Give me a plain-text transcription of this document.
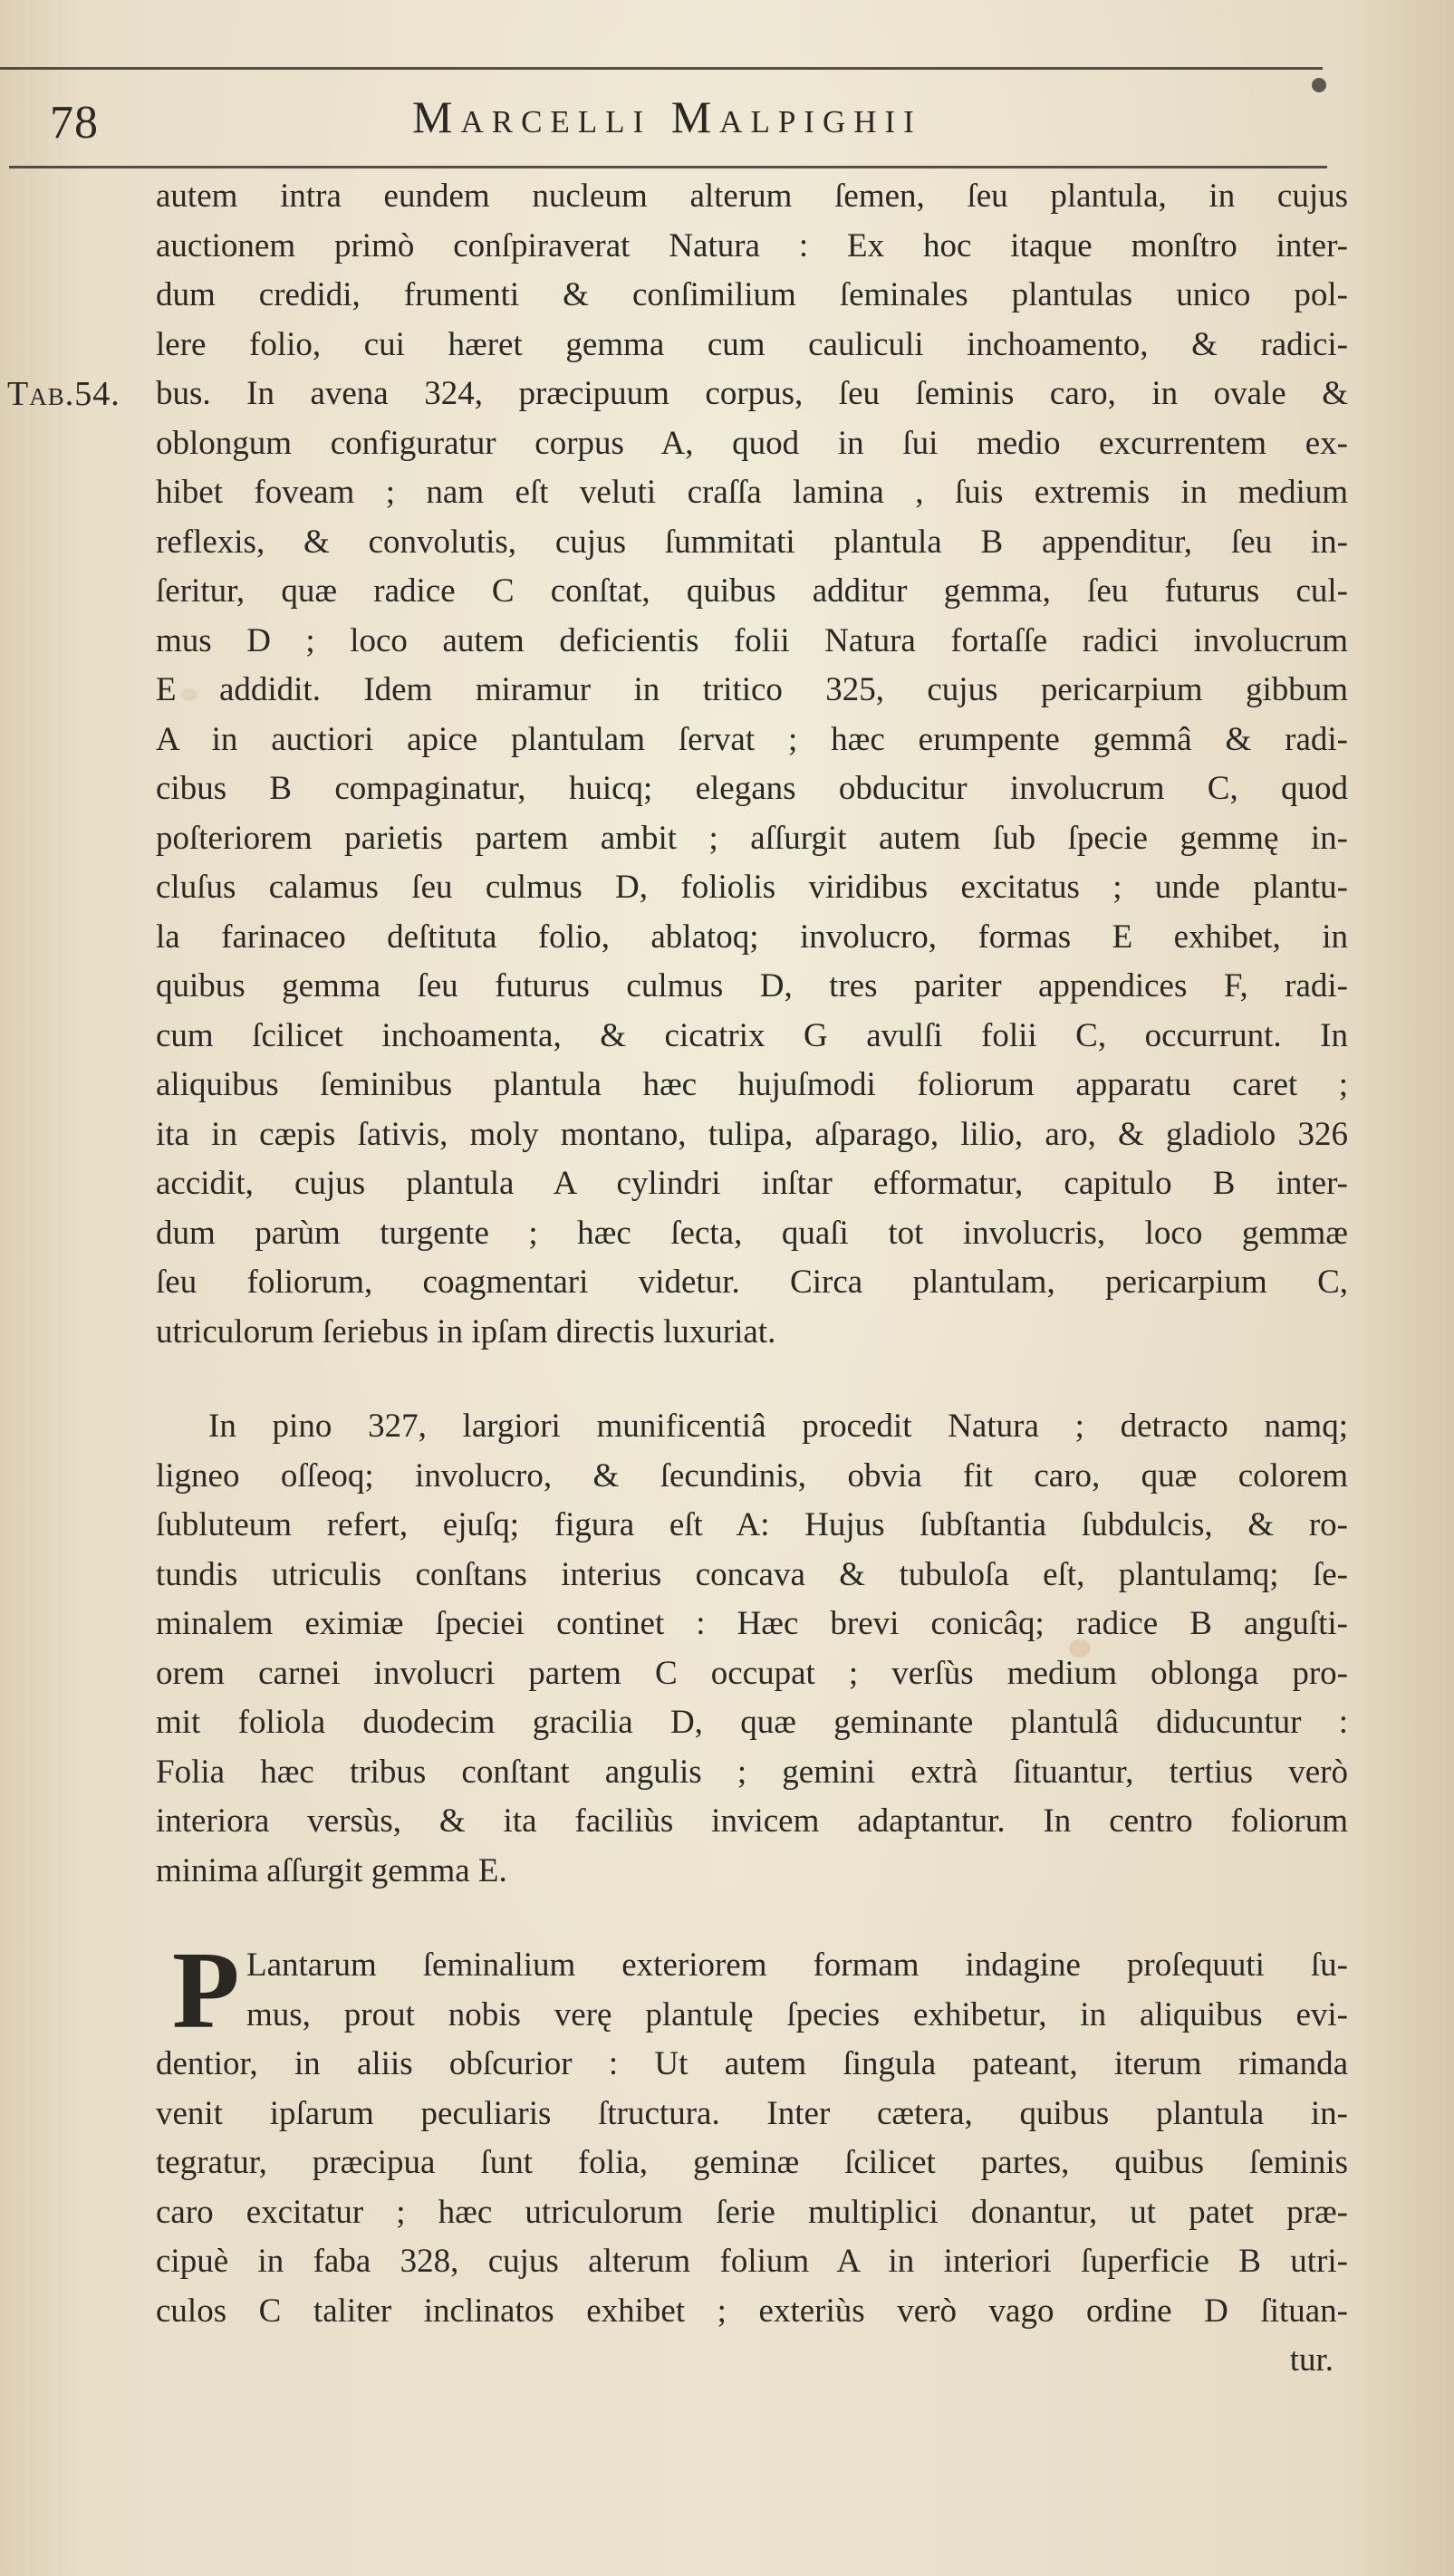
78	Marcelli Malpighii
Tab.54.
autem intra eundem nucleum alterum ſemen, ſeu plantula, in cujus
auctionem primò conſpiraverat Natura : Ex hoc itaque monſtro inter-
dum credidi, frumenti & conſimilium ſeminales plantulas unico pol-
lere folio, cui hæret gemma cum cauliculi inchoamento, & radici-
bus. In avena 324, præcipuum corpus, ſeu ſeminis caro, in ovale &
oblongum configuratur corpus A, quod in ſui medio excurrentem ex-
hibet foveam ; nam eſt veluti craſſa lamina , ſuis extremis in medium
reflexis, & convolutis, cujus ſummitati plantula B appenditur, ſeu in-
ſeritur, quæ radice C conſtat, quibus additur gemma, ſeu futurus cul-
mus D ; loco autem deficientis folii Natura fortaſſe radici involucrum
E addidit. Idem miramur in tritico 325, cujus pericarpium gibbum
A in auctiori apice plantulam ſervat ; hæc erumpente gemmâ & radi-
cibus B compaginatur, huicq; elegans obducitur involucrum C, quod
poſteriorem parietis partem ambit ; aſſurgit autem ſub ſpecie gemmę in-
cluſus calamus ſeu culmus D, foliolis viridibus excitatus ; unde plantu-
la farinaceo deſtituta folio, ablatoq; involucro, formas E exhibet, in
quibus gemma ſeu futurus culmus D, tres pariter appendices F, radi-
cum ſcilicet inchoamenta, & cicatrix G avulſi folii C, occurrunt. In
aliquibus ſeminibus plantula hæc hujuſmodi foliorum apparatu caret ;
ita in cæpis ſativis, moly montano, tulipa, aſparago, lilio, aro, & gladiolo 326
accidit, cujus plantula A cylindri inſtar efformatur, capitulo B inter-
dum parùm turgente ; hæc ſecta, quaſi tot involucris, loco gemmæ
ſeu foliorum, coagmentari videtur. Circa plantulam, pericarpium C,
utriculorum ſeriebus in ipſam directis luxuriat.
In pino 327, largiori munificentiâ procedit Natura ; detracto namq;
ligneo oſſeoq; involucro, & ſecundinis, obvia fit caro, quæ colorem
ſubluteum refert, ejuſq; figura eſt A: Hujus ſubſtantia ſubdulcis, & ro-
tundis utriculis conſtans interius concava & tubuloſa eſt, plantulamq; ſe-
minalem eximiæ ſpeciei continet : Hæc brevi conicâq; radice B anguſti-
orem carnei involucri partem C occupat ; verſùs medium oblonga pro-
mit foliola duodecim gracilia D, quæ geminante plantulâ diducuntur :
Folia hæc tribus conſtant angulis ; gemini extrà ſituantur, tertius verò
interiora versùs, & ita faciliùs invicem adaptantur. In centro foliorum
minima aſſurgit gemma E.
P Lantarum ſeminalium exteriorem formam indagine proſequuti ſu-
mus, prout nobis verę plantulę ſpecies exhibetur, in aliquibus evi-
dentior, in aliis obſcurior : Ut autem ſingula pateant, iterum rimanda
venit ipſarum peculiaris ſtructura. Inter cætera, quibus plantula in-
tegratur, præcipua ſunt folia, geminæ ſcilicet partes, quibus ſeminis
caro excitatur ; hæc utriculorum ſerie multiplici donantur, ut patet præ-
cipuè in faba 328, cujus alterum folium A in interiori ſuperficie B utri-
culos C taliter inclinatos exhibet ; exteriùs verò vago ordine D ſituan-
tur.
